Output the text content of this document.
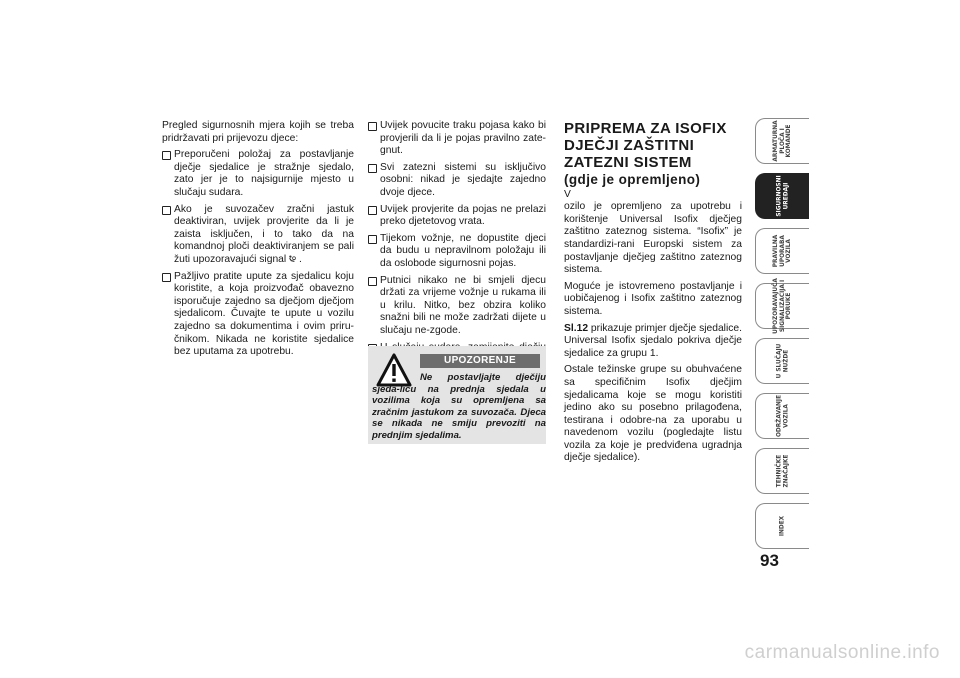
Pregled sigurnosnih mjera kojih se treba pridržavati pri prijevozu djece:

Preporučeni položaj za postavljanje dječje sjedalice je stražnje sjedalo, zato jer je to najsigurnije mjesto u slučaju sudara.
Ako je suvozačev zračni jastuk deaktiviran, uvijek provjerite da li je zaista isključen, i to tako da na komandnoj ploči deaktiviranjem se pali žuti upozoravajući signal .
Pažljivo pratite upute za sjedalicu koju koristite, a koja proizvođač obavezno isporučuje zajedno sa dječjom dječjom sjedalicom. Čuvajte te upute u vozilu zajedno sa dokumentima i ovim priru-čnikom. Nikada ne koristite sjedalice bez uputama za upotrebu.
Uvijek povucite traku pojasa kako bi provjerili da li je pojas pravilno zate-gnut.
Svi zatezni sistemi su isključivo osobni: nikad je sjedajte zajedno dvoje djece.
Uvijek provjerite da pojas ne prelazi preko djetetovog vrata.
Tijekom vožnje, ne dopustite djeci da budu u nepravilnom položaju ili da oslobode sigurnosni pojas.
Putnici nikako ne bi smjeli djecu držati za vrijeme vožnje u rukama ili u krilu. Nitko, bez obzira koliko snažni bili ne može zadržati dijete u slučaju ne-zgode.
UPOZORENJE
Ne postavljajte dječiju sjeda-licu na prednja sjedala u vozilima koja su opremljena sa zračnim jastukom za suvozača. Djeca se nikada ne smiju prevoziti na prednjim sjedalima.
PRIPREMA ZA ISOFIX DJEČJI ZAŠTITNI ZATEZNI SISTEM
(gdje je opremljeno)
V

ozilo je opremljeno za upotrebu i korištenje Universal Isofix dječjeg zaštitno zateznog sistema. “Isofix” je standardizi-rani Europski sistem za postavljanje dječjeg zaštitno zateznog sistema.

Moguće je istovremeno postavljanje i uobičajenog i Isofix zaštitno zateznog sistema.

Sl.12 prikazuje primjer dječje sjedalice. Universal Isofix sjedalo pokriva dječje sjedalice za grupu 1.

Ostale težinske grupe su obuhvaćene sa specifičnim Isofix dječjim sjedalicama koje se mogu koristiti jedino ako su posebno prilagođena, testirana i odobre-na za uporabu u navedenom vozilu (pogledajte listu vozila za koje je predviđena ugradnja dječje sjedalice).

ARMATURNA
PLOČA I
KOMANDE
SIGURNOSNI
UREĐAJI
PRAVILNA
UPORABA
VOZILA
UPOZORAVAJUĆA
SIGNALIZACIJA I
PORUKE
U SLUČAJU
NUŽDE
ODRŽAVANJE
VOZILA
TEHNIČKE
ZNAČAJKE
INDEX
93
carmanualsonline.info
